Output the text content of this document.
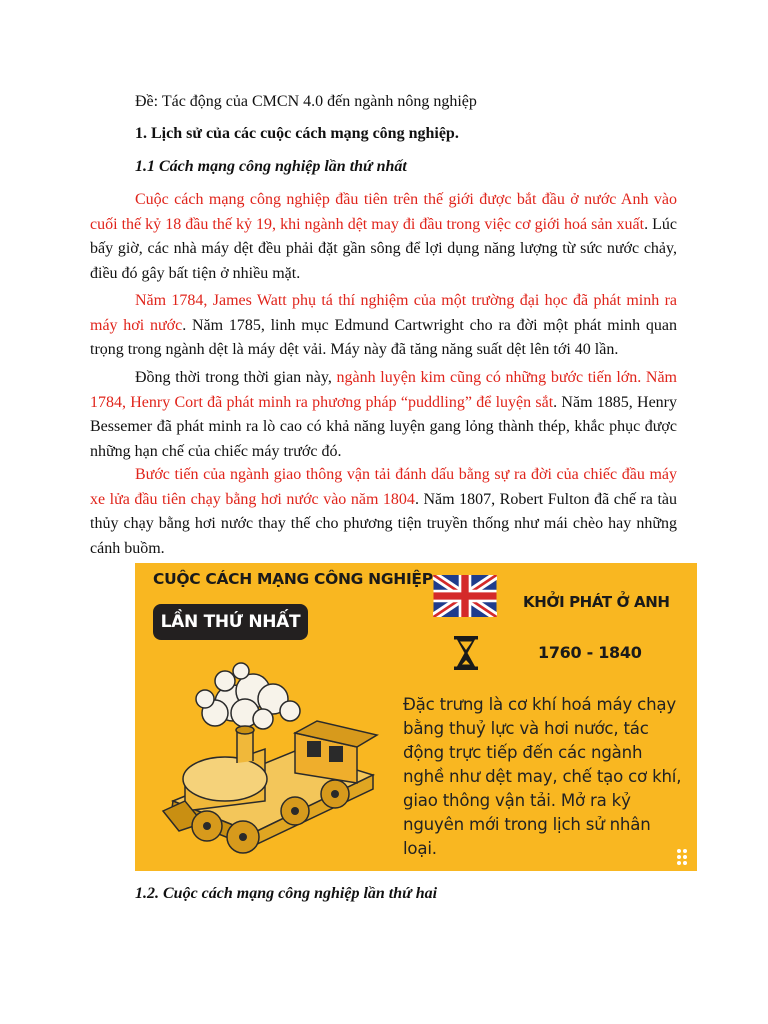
Đề: Tác động của CMCN 4.0 đến ngành nông nghiệp
1. Lịch sử của các cuộc cách mạng công nghiệp.
1.1 Cách mạng công nghiệp lần thứ nhất
Cuộc cách mạng công nghiệp đầu tiên trên thế giới được bắt đầu ở nước Anh vào cuối thế kỷ 18 đầu thế kỷ 19, khi ngành dệt may đi đầu trong việc cơ giới hoá sản xuất. Lúc bấy giờ, các nhà máy dệt đều phải đặt gần sông để lợi dụng năng lượng từ sức nước chảy, điều đó gây bất tiện ở nhiều mặt.
Năm 1784, James Watt phụ tá thí nghiệm của một trường đại học đã phát minh ra máy hơi nước. Năm 1785, linh mục Edmund Cartwright cho ra đời một phát minh quan trọng trong ngành dệt là máy dệt vải. Máy này đã tăng năng suất dệt lên tới 40 lần.
Đồng thời trong thời gian này, ngành luyện kim cũng có những bước tiến lớn. Năm 1784, Henry Cort đã phát minh ra phương pháp “puddling” để luyện sắt. Năm 1885, Henry Bessemer đã phát minh ra lò cao có khả năng luyện gang lỏng thành thép, khắc phục được những hạn chế của chiếc máy trước đó.
Bước tiến của ngành giao thông vận tải đánh dấu bằng sự ra đời của chiếc đầu máy xe lửa đầu tiên chạy bằng hơi nước vào năm 1804. Năm 1807, Robert Fulton đã chế ra tàu thủy chạy bằng hơi nước thay thế cho phương tiện truyền thống như mái chèo hay những cánh buồm.
CUỘC CÁCH MẠNG CÔNG NGHIỆP
LẦN THỨ NHẤT
KHỞI PHÁT Ở ANH
1760 - 1840
Đặc trưng là cơ khí hoá máy chạy bằng thuỷ lực và hơi nước, tác động trực tiếp đến các ngành nghề như dệt may, chế tạo cơ khí, giao thông vận tải. Mở ra kỷ nguyên mới trong lịch sử nhân loại.
1.2. Cuộc cách mạng công nghiệp lần thứ hai
